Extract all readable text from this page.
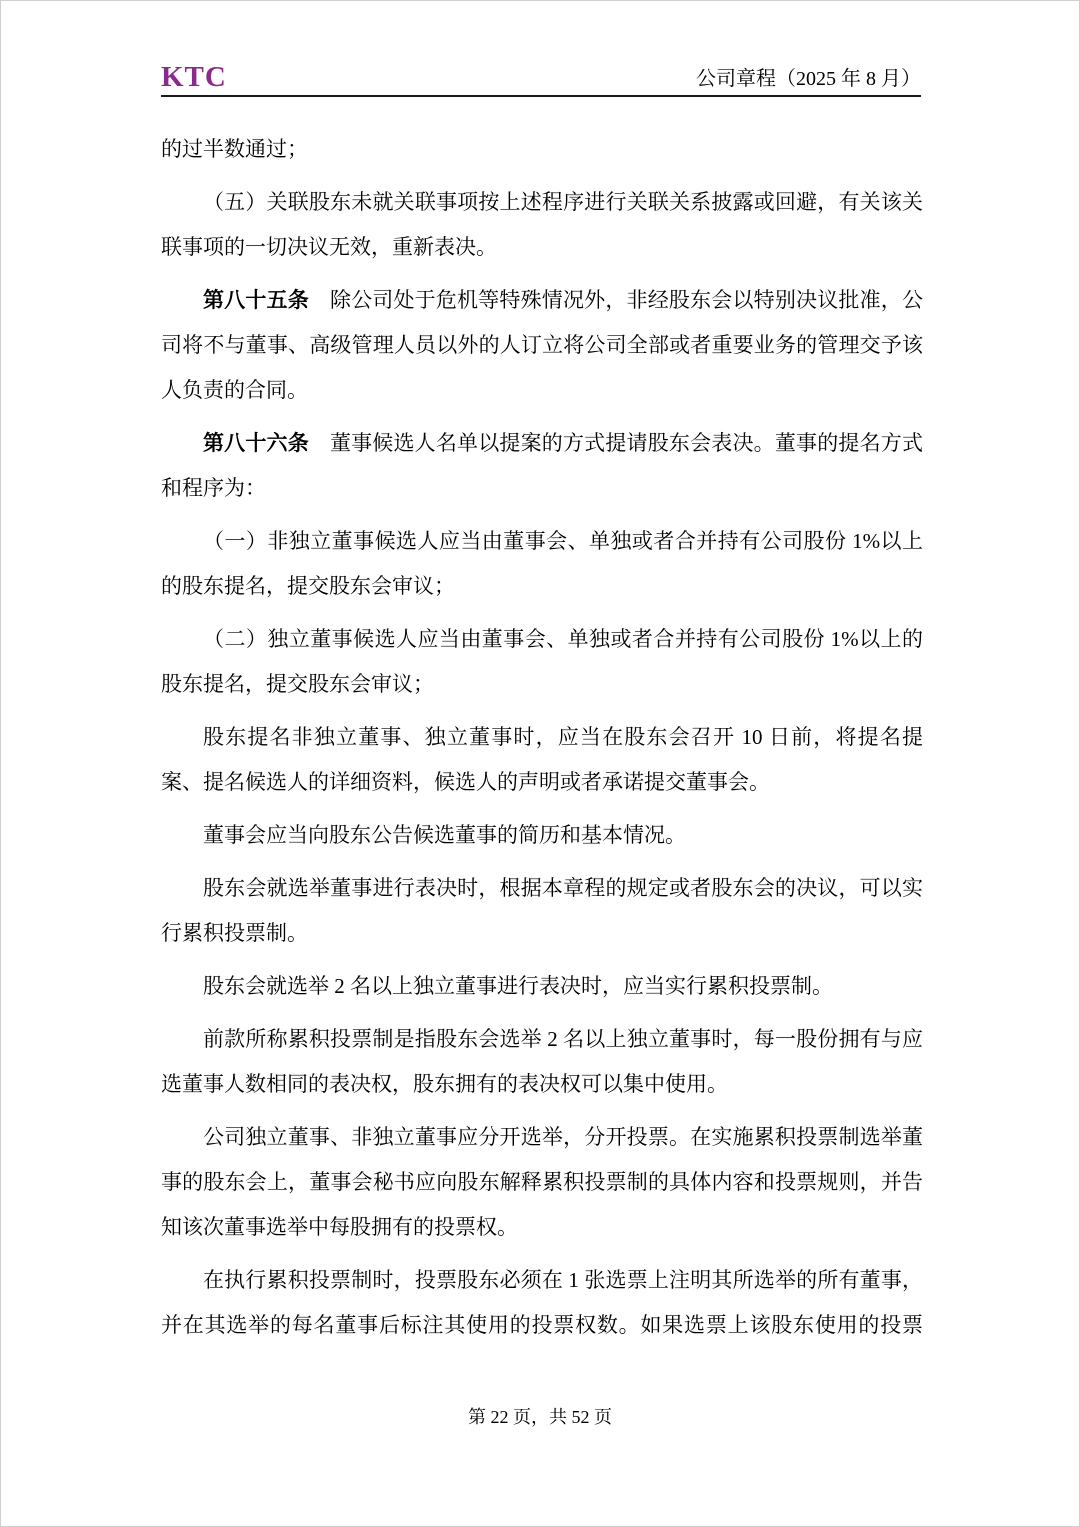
KTC	公司章程（2025 年 8 月）

的过半数通过；

（五）关联股东未就关联事项按上述程序进行关联关系披露或回避，有关该关联事项的一切决议无效，重新表决。

第八十五条 除公司处于危机等特殊情况外，非经股东会以特别决议批准，公司将不与董事、高级管理人员以外的人订立将公司全部或者重要业务的管理交予该人负责的合同。

第八十六条 董事候选人名单以提案的方式提请股东会表决。董事的提名方式和程序为：

（一）非独立董事候选人应当由董事会、单独或者合并持有公司股份 1%以上的股东提名，提交股东会审议；

（二）独立董事候选人应当由董事会、单独或者合并持有公司股份 1%以上的股东提名，提交股东会审议；

股东提名非独立董事、独立董事时，应当在股东会召开 10 日前，将提名提案、提名候选人的详细资料，候选人的声明或者承诺提交董事会。

董事会应当向股东公告候选董事的简历和基本情况。

股东会就选举董事进行表决时，根据本章程的规定或者股东会的决议，可以实行累积投票制。

股东会就选举 2 名以上独立董事进行表决时，应当实行累积投票制。

前款所称累积投票制是指股东会选举 2 名以上独立董事时，每一股份拥有与应选董事人数相同的表决权，股东拥有的表决权可以集中使用。

公司独立董事、非独立董事应分开选举，分开投票。在实施累积投票制选举董事的股东会上，董事会秘书应向股东解释累积投票制的具体内容和投票规则，并告知该次董事选举中每股拥有的投票权。

在执行累积投票制时，投票股东必须在 1 张选票上注明其所选举的所有董事，并在其选举的每名董事后标注其使用的投票权数。如果选票上该股东使用的投票

第 22 页，共 52 页
